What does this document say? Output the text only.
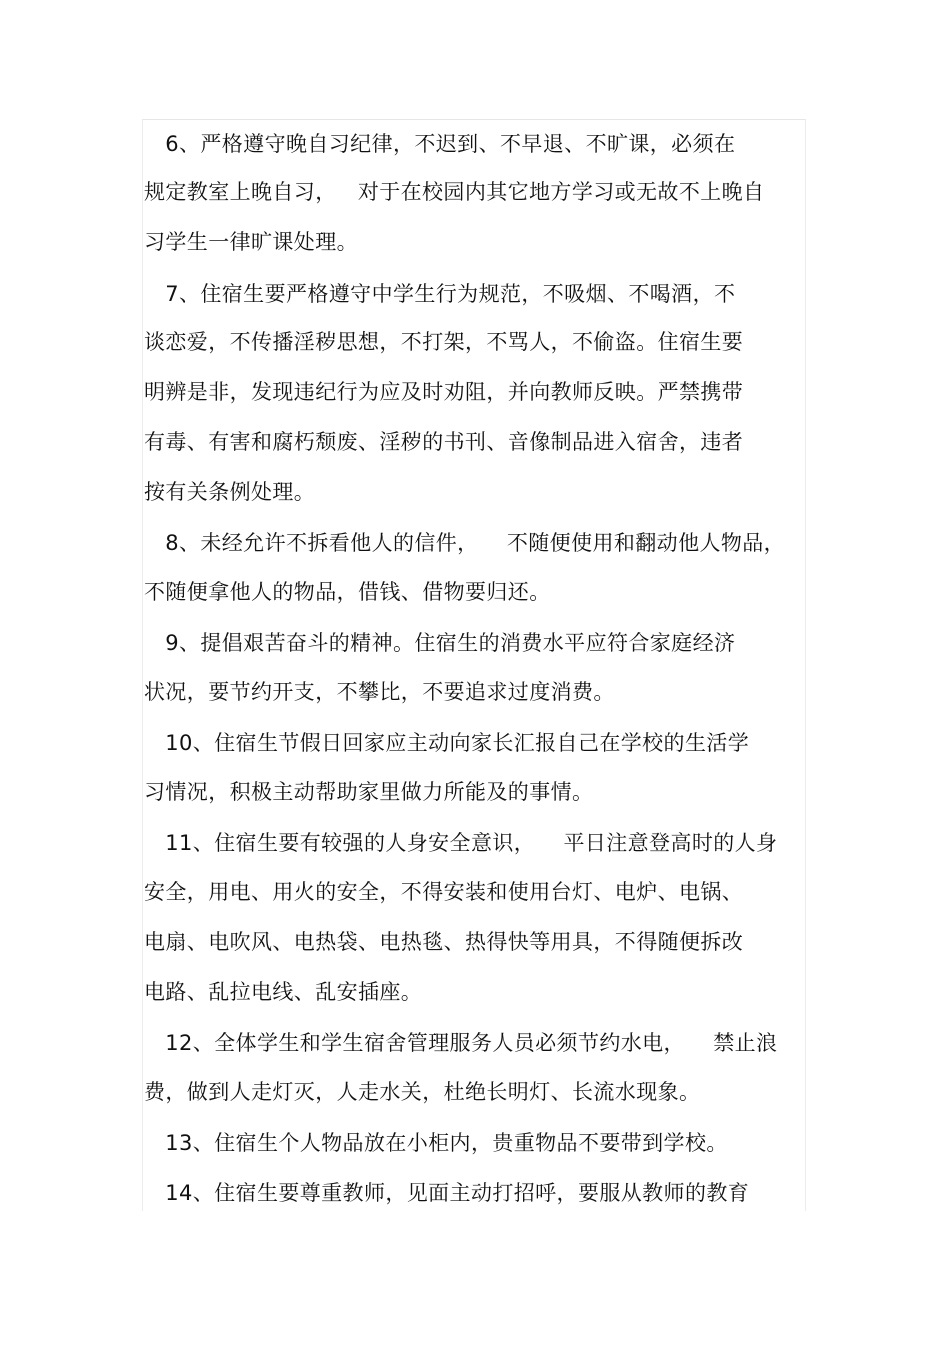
6、严格遵守晚自习纪律，不迟到、不早退、不旷课，必须在
规定教室上晚自习，   对于在校园内其它地方学习或无故不上晚自
习学生一律旷课处理。
7、住宿生要严格遵守中学生行为规范，不吸烟、不喝酒，不
谈恋爱，不传播淫秽思想，不打架，不骂人，不偷盗。住宿生要
明辨是非，发现违纪行为应及时劝阻，并向教师反映。严禁携带
有毒、有害和腐朽颓废、淫秽的书刊、音像制品进入宿舍，违者
按有关条例处理。
8、未经允许不拆看他人的信件，    不随便使用和翻动他人物品，
不随便拿他人的物品，借钱、借物要归还。
9、提倡艰苦奋斗的精神。住宿生的消费水平应符合家庭经济
状况，要节约开支，不攀比，不要追求过度消费。
10、住宿生节假日回家应主动向家长汇报自己在学校的生活学
习情况，积极主动帮助家里做力所能及的事情。
11、住宿生要有较强的人身安全意识，    平日注意登高时的人身
安全，用电、用火的安全，不得安装和使用台灯、电炉、电锅、
电扇、电吹风、电热袋、电热毯、热得快等用具，不得随便拆改
电路、乱拉电线、乱安插座。
12、全体学生和学生宿舍管理服务人员必须节约水电，    禁止浪
费，做到人走灯灭，人走水关，杜绝长明灯、长流水现象。
13、住宿生个人物品放在小柜内，贵重物品不要带到学校。
14、住宿生要尊重教师，见面主动打招呼，要服从教师的教育
